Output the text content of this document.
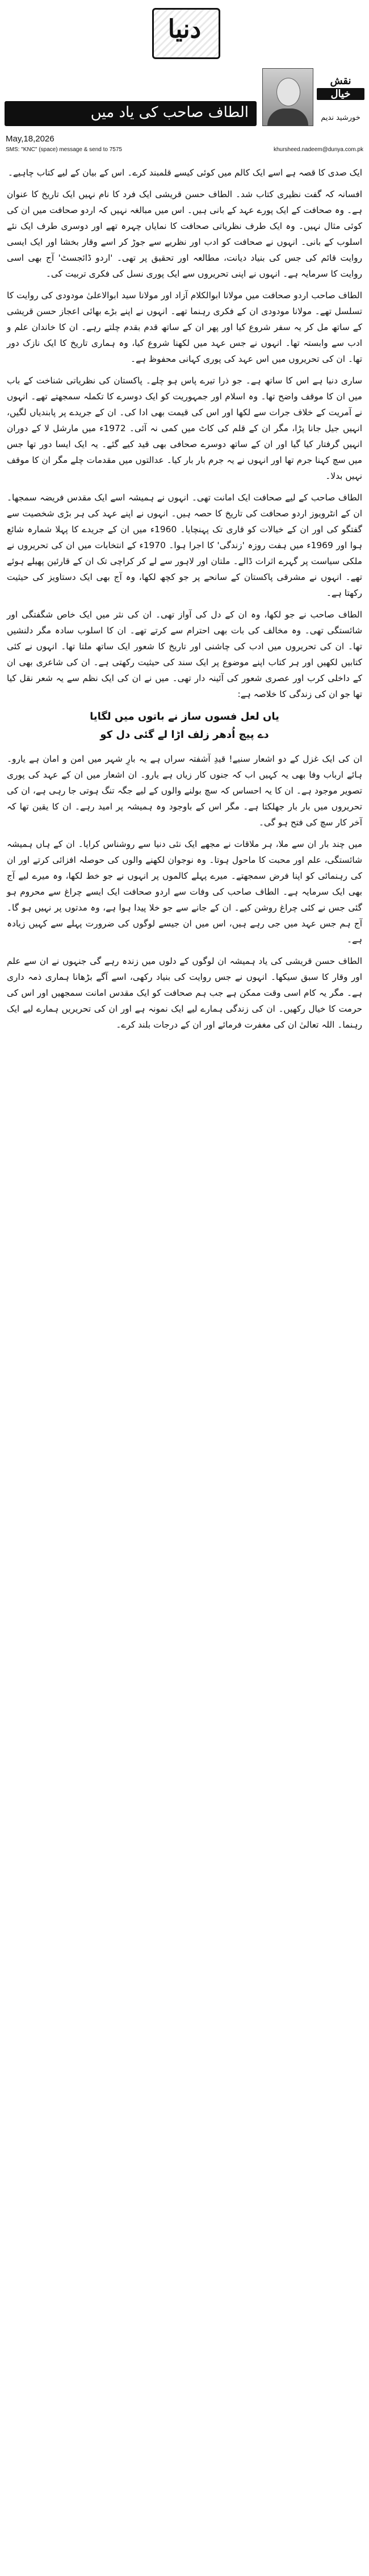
دنیا
الطاف صاحب کی یاد میں
نقش
خیال
خورشید ندیم
May,18,2026
SMS: "KNC" (space) message & send to 7575	khursheed.nadeem@dunya.com.pk

ایک صدی کا قصہ ہے اسے ایک کالم میں کوئی کیسے قلمبند کرے۔ اس کے بیان کے لیے کتاب چاہیے۔

افسانہ کہ گفت نظیری کتاب شد۔ الطاف حسن قریشی ایک فرد کا نام نہیں ایک تاریخ کا عنوان ہے۔ وہ صحافت کے ایک پورے عہد کے بانی ہیں۔ اس میں مبالغہ نہیں کہ اردو صحافت میں ان کی کوئی مثال نہیں۔ وہ ایک طرف نظریاتی صحافت کا نمایاں چہرہ تھے اور دوسری طرف ایک نئے اسلوب کے بانی۔ انہوں نے صحافت کو ادب اور نظریے سے جوڑ کر اسے وقار بخشا اور ایک ایسی روایت قائم کی جس کی بنیاد دیانت، مطالعہ اور تحقیق پر تھی۔ 'اردو ڈائجسٹ' آج بھی اسی روایت کا سرمایہ ہے۔ انہوں نے اپنی تحریروں سے ایک پوری نسل کی فکری تربیت کی۔

الطاف صاحب اردو صحافت میں مولانا ابوالکلام آزاد اور مولانا سید ابوالاعلیٰ مودودی کی روایت کا تسلسل تھے۔ مولانا مودودی ان کے فکری رہنما تھے۔ انہوں نے اپنے بڑے بھائی اعجاز حسن قریشی کے ساتھ مل کر یہ سفر شروع کیا اور پھر ان کے ساتھ قدم بقدم چلتے رہے۔ ان کا خاندان علم و ادب سے وابستہ تھا۔ انہوں نے جس عہد میں لکھنا شروع کیا، وہ ہماری تاریخ کا ایک نازک دور تھا۔ ان کی تحریروں میں اس عہد کی پوری کہانی محفوظ ہے۔

ساری دنیا ہے اس کا ساتھ ہے۔ جو ذرا تیرے پاس ہو چلے۔ پاکستان کی نظریاتی شناخت کے باب میں ان کا موقف واضح تھا۔ وہ اسلام اور جمہوریت کو ایک دوسرے کا تکملہ سمجھتے تھے۔ انہوں نے آمریت کے خلاف جرات سے لکھا اور اس کی قیمت بھی ادا کی۔ ان کے جریدے پر پابندیاں لگیں، انہیں جیل جانا پڑا، مگر ان کے قلم کی کاٹ میں کمی نہ آئی۔ 1972ء میں مارشل لا کے دوران انہیں گرفتار کیا گیا اور ان کے ساتھ دوسرے صحافی بھی قید کیے گئے۔ یہ ایک ایسا دور تھا جس میں سچ کہنا جرم تھا اور انہوں نے یہ جرم بار بار کیا۔ عدالتوں میں مقدمات چلے مگر ان کا موقف نہیں بدلا۔

الطاف صاحب کے لیے صحافت ایک امانت تھی۔ انہوں نے ہمیشہ اسے ایک مقدس فریضہ سمجھا۔ ان کے انٹرویوز اردو صحافت کی تاریخ کا حصہ ہیں۔ انہوں نے اپنے عہد کی ہر بڑی شخصیت سے گفتگو کی اور ان کے خیالات کو قاری تک پہنچایا۔ 1960ء میں ان کے جریدے کا پہلا شمارہ شائع ہوا اور 1969ء میں ہفت روزہ 'زندگی' کا اجرا ہوا۔ 1970ء کے انتخابات میں ان کی تحریروں نے ملکی سیاست پر گہرے اثرات ڈالے۔ ملتان اور لاہور سے لے کر کراچی تک ان کے قارئین پھیلے ہوئے تھے۔ انہوں نے مشرقی پاکستان کے سانحے پر جو کچھ لکھا، وہ آج بھی ایک دستاویز کی حیثیت رکھتا ہے۔

الطاف صاحب نے جو لکھا، وہ ان کے دل کی آواز تھی۔ ان کی نثر میں ایک خاص شگفتگی اور شائستگی تھی۔ وہ مخالف کی بات بھی احترام سے کرتے تھے۔ ان کا اسلوب سادہ مگر دلنشیں تھا۔ ان کی تحریروں میں ادب کی چاشنی اور تاریخ کا شعور ایک ساتھ ملتا تھا۔ انہوں نے کئی کتابیں لکھیں اور ہر کتاب اپنے موضوع پر ایک سند کی حیثیت رکھتی ہے۔ ان کی شاعری بھی ان کے داخلی کرب اور عصری شعور کی آئینہ دار تھی۔ میں نے ان کی ایک نظم سے یہ شعر نقل کیا تھا جو ان کی زندگی کا خلاصہ ہے:

یاں لعل فسوں ساز نے باتوں میں لگایا
دے پیچ اُدھر زلف اڑا لے گئی دل کو

ان کی ایک غزل کے دو اشعار سنیے! قیدِ آشفتہ سراں ہے یہ بارِ شہر میں امن و امان ہے یارو۔ ہائے ارباب وفا بھی یہ کہیں اب کہ جنوں کار زیاں ہے یارو۔ ان اشعار میں ان کے عہد کی پوری تصویر موجود ہے۔ ان کا یہ احساس کہ سچ بولنے والوں کے لیے جگہ تنگ ہوتی جا رہی ہے، ان کی تحریروں میں بار بار جھلکتا ہے۔ مگر اس کے باوجود وہ ہمیشہ پر امید رہے۔ ان کا یقین تھا کہ آخر کار سچ کی فتح ہو گی۔

میں چند بار ان سے ملا، ہر ملاقات نے مجھے ایک نئی دنیا سے روشناس کرایا۔ ان کے ہاں ہمیشہ شائستگی، علم اور محبت کا ماحول ہوتا۔ وہ نوجوان لکھنے والوں کی حوصلہ افزائی کرتے اور ان کی رہنمائی کو اپنا فرض سمجھتے۔ میرے پہلے کالموں پر انہوں نے جو خط لکھا، وہ میرے لیے آج بھی ایک سرمایہ ہے۔ الطاف صاحب کی وفات سے اردو صحافت ایک ایسے چراغ سے محروم ہو گئی جس نے کئی چراغ روشن کیے۔ ان کے جانے سے جو خلا پیدا ہوا ہے، وہ مدتوں پر نہیں ہو گا۔ آج ہم جس عہد میں جی رہے ہیں، اس میں ان جیسے لوگوں کی ضرورت پہلے سے کہیں زیادہ ہے۔

الطاف حسن قریشی کی یاد ہمیشہ ان لوگوں کے دلوں میں زندہ رہے گی جنہوں نے ان سے علم اور وقار کا سبق سیکھا۔ انہوں نے جس روایت کی بنیاد رکھی، اسے آگے بڑھانا ہماری ذمہ داری ہے۔ مگر یہ کام اسی وقت ممکن ہے جب ہم صحافت کو ایک مقدس امانت سمجھیں اور اس کی حرمت کا خیال رکھیں۔ ان کی زندگی ہمارے لیے ایک نمونہ ہے اور ان کی تحریریں ہمارے لیے ایک رہنما۔ اللہ تعالیٰ ان کی مغفرت فرمائے اور ان کے درجات بلند کرے۔
